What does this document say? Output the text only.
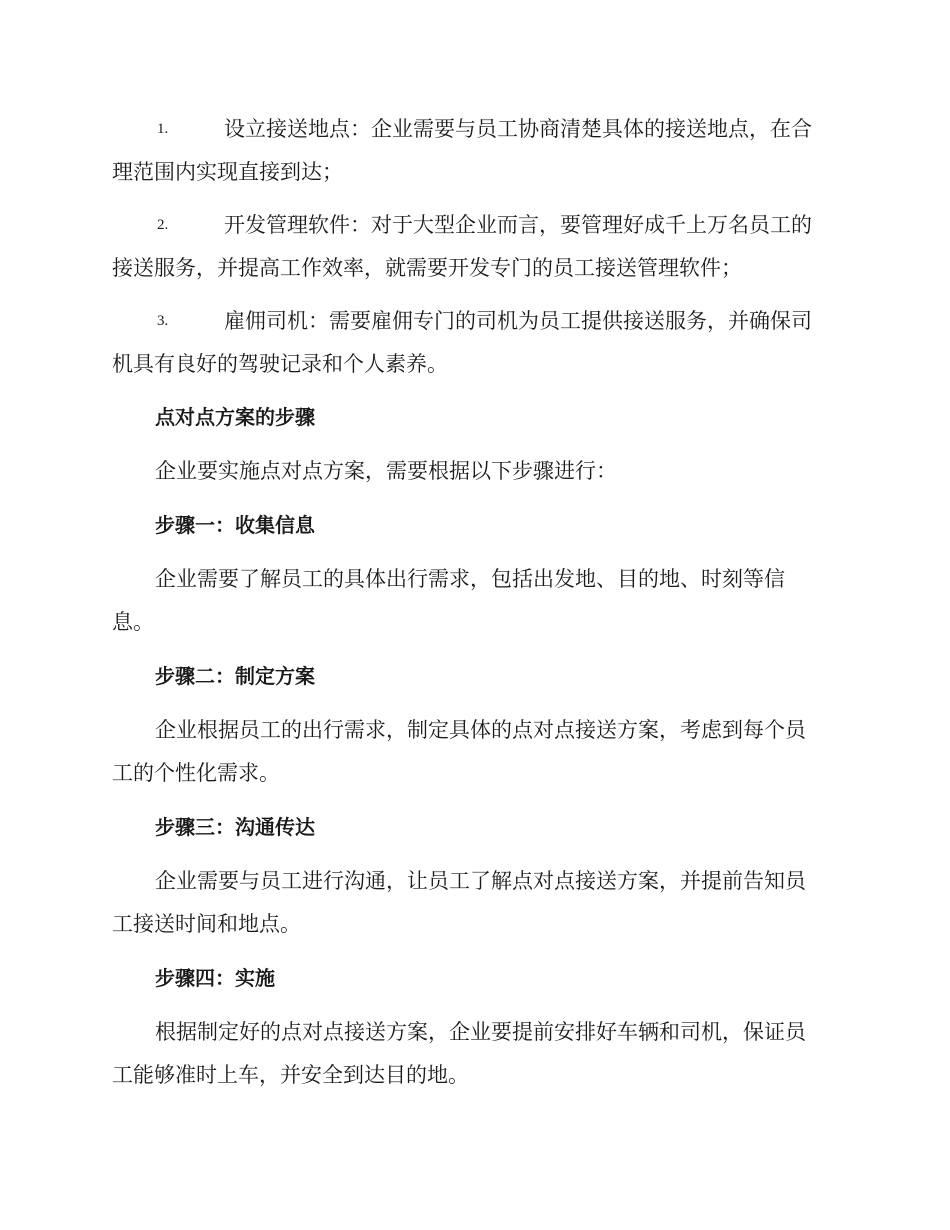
1.	设立接送地点：企业需要与员工协商清楚具体的接送地点，在合

理范围内实现直接到达；

2.	开发管理软件：对于大型企业而言，要管理好成千上万名员工的

接送服务，并提高工作效率，就需要开发专门的员工接送管理软件；

3.	雇佣司机：需要雇佣专门的司机为员工提供接送服务，并确保司

机具有良好的驾驶记录和个人素养。

点对点方案的步骤

企业要实施点对点方案，需要根据以下步骤进行：

步骤一：收集信息

企业需要了解员工的具体出行需求，包括出发地、目的地、时刻等信

息。

步骤二：制定方案

企业根据员工的出行需求，制定具体的点对点接送方案，考虑到每个员

工的个性化需求。

步骤三：沟通传达

企业需要与员工进行沟通，让员工了解点对点接送方案，并提前告知员

工接送时间和地点。

步骤四：实施

根据制定好的点对点接送方案，企业要提前安排好车辆和司机，保证员

工能够准时上车，并安全到达目的地。
